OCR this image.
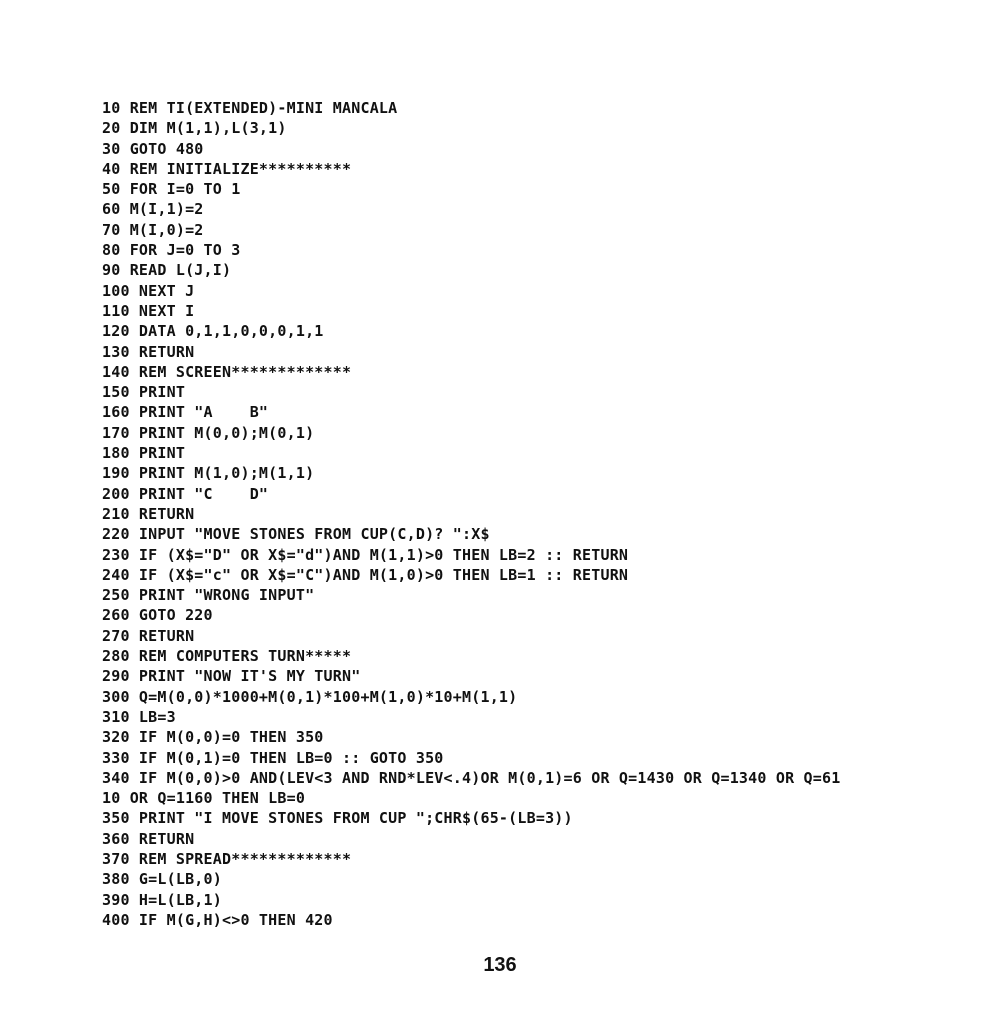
10 REM TI(EXTENDED)-MINI MANCALA
20 DIM M(1,1),L(3,1)
30 GOTO 480
40 REM INITIALIZE**********
50 FOR I=0 TO 1
60 M(I,1)=2
70 M(I,0)=2
80 FOR J=0 TO 3
90 READ L(J,I)
100 NEXT J
110 NEXT I
120 DATA 0,1,1,0,0,0,1,1
130 RETURN
140 REM SCREEN*************
150 PRINT
160 PRINT "A    B"
170 PRINT M(0,0);M(0,1)
180 PRINT
190 PRINT M(1,0);M(1,1)
200 PRINT "C    D"
210 RETURN
220 INPUT "MOVE STONES FROM CUP(C,D)? ":X$
230 IF (X$="D" OR X$="d")AND M(1,1)>0 THEN LB=2 :: RETURN
240 IF (X$="c" OR X$="C")AND M(1,0)>0 THEN LB=1 :: RETURN
250 PRINT "WRONG INPUT"
260 GOTO 220
270 RETURN
280 REM COMPUTERS TURN*****
290 PRINT "NOW IT'S MY TURN"
300 Q=M(0,0)*1000+M(0,1)*100+M(1,0)*10+M(1,1)
310 LB=3
320 IF M(0,0)=0 THEN 350
330 IF M(0,1)=0 THEN LB=0 :: GOTO 350
340 IF M(0,0)>0 AND(LEV<3 AND RND*LEV<.4)OR M(0,1)=6 OR Q=1430 OR Q=1340 OR Q=61
10 OR Q=1160 THEN LB=0
350 PRINT "I MOVE STONES FROM CUP ";CHR$(65-(LB=3))
360 RETURN
370 REM SPREAD*************
380 G=L(LB,0)
390 H=L(LB,1)
400 IF M(G,H)<>0 THEN 420
136
